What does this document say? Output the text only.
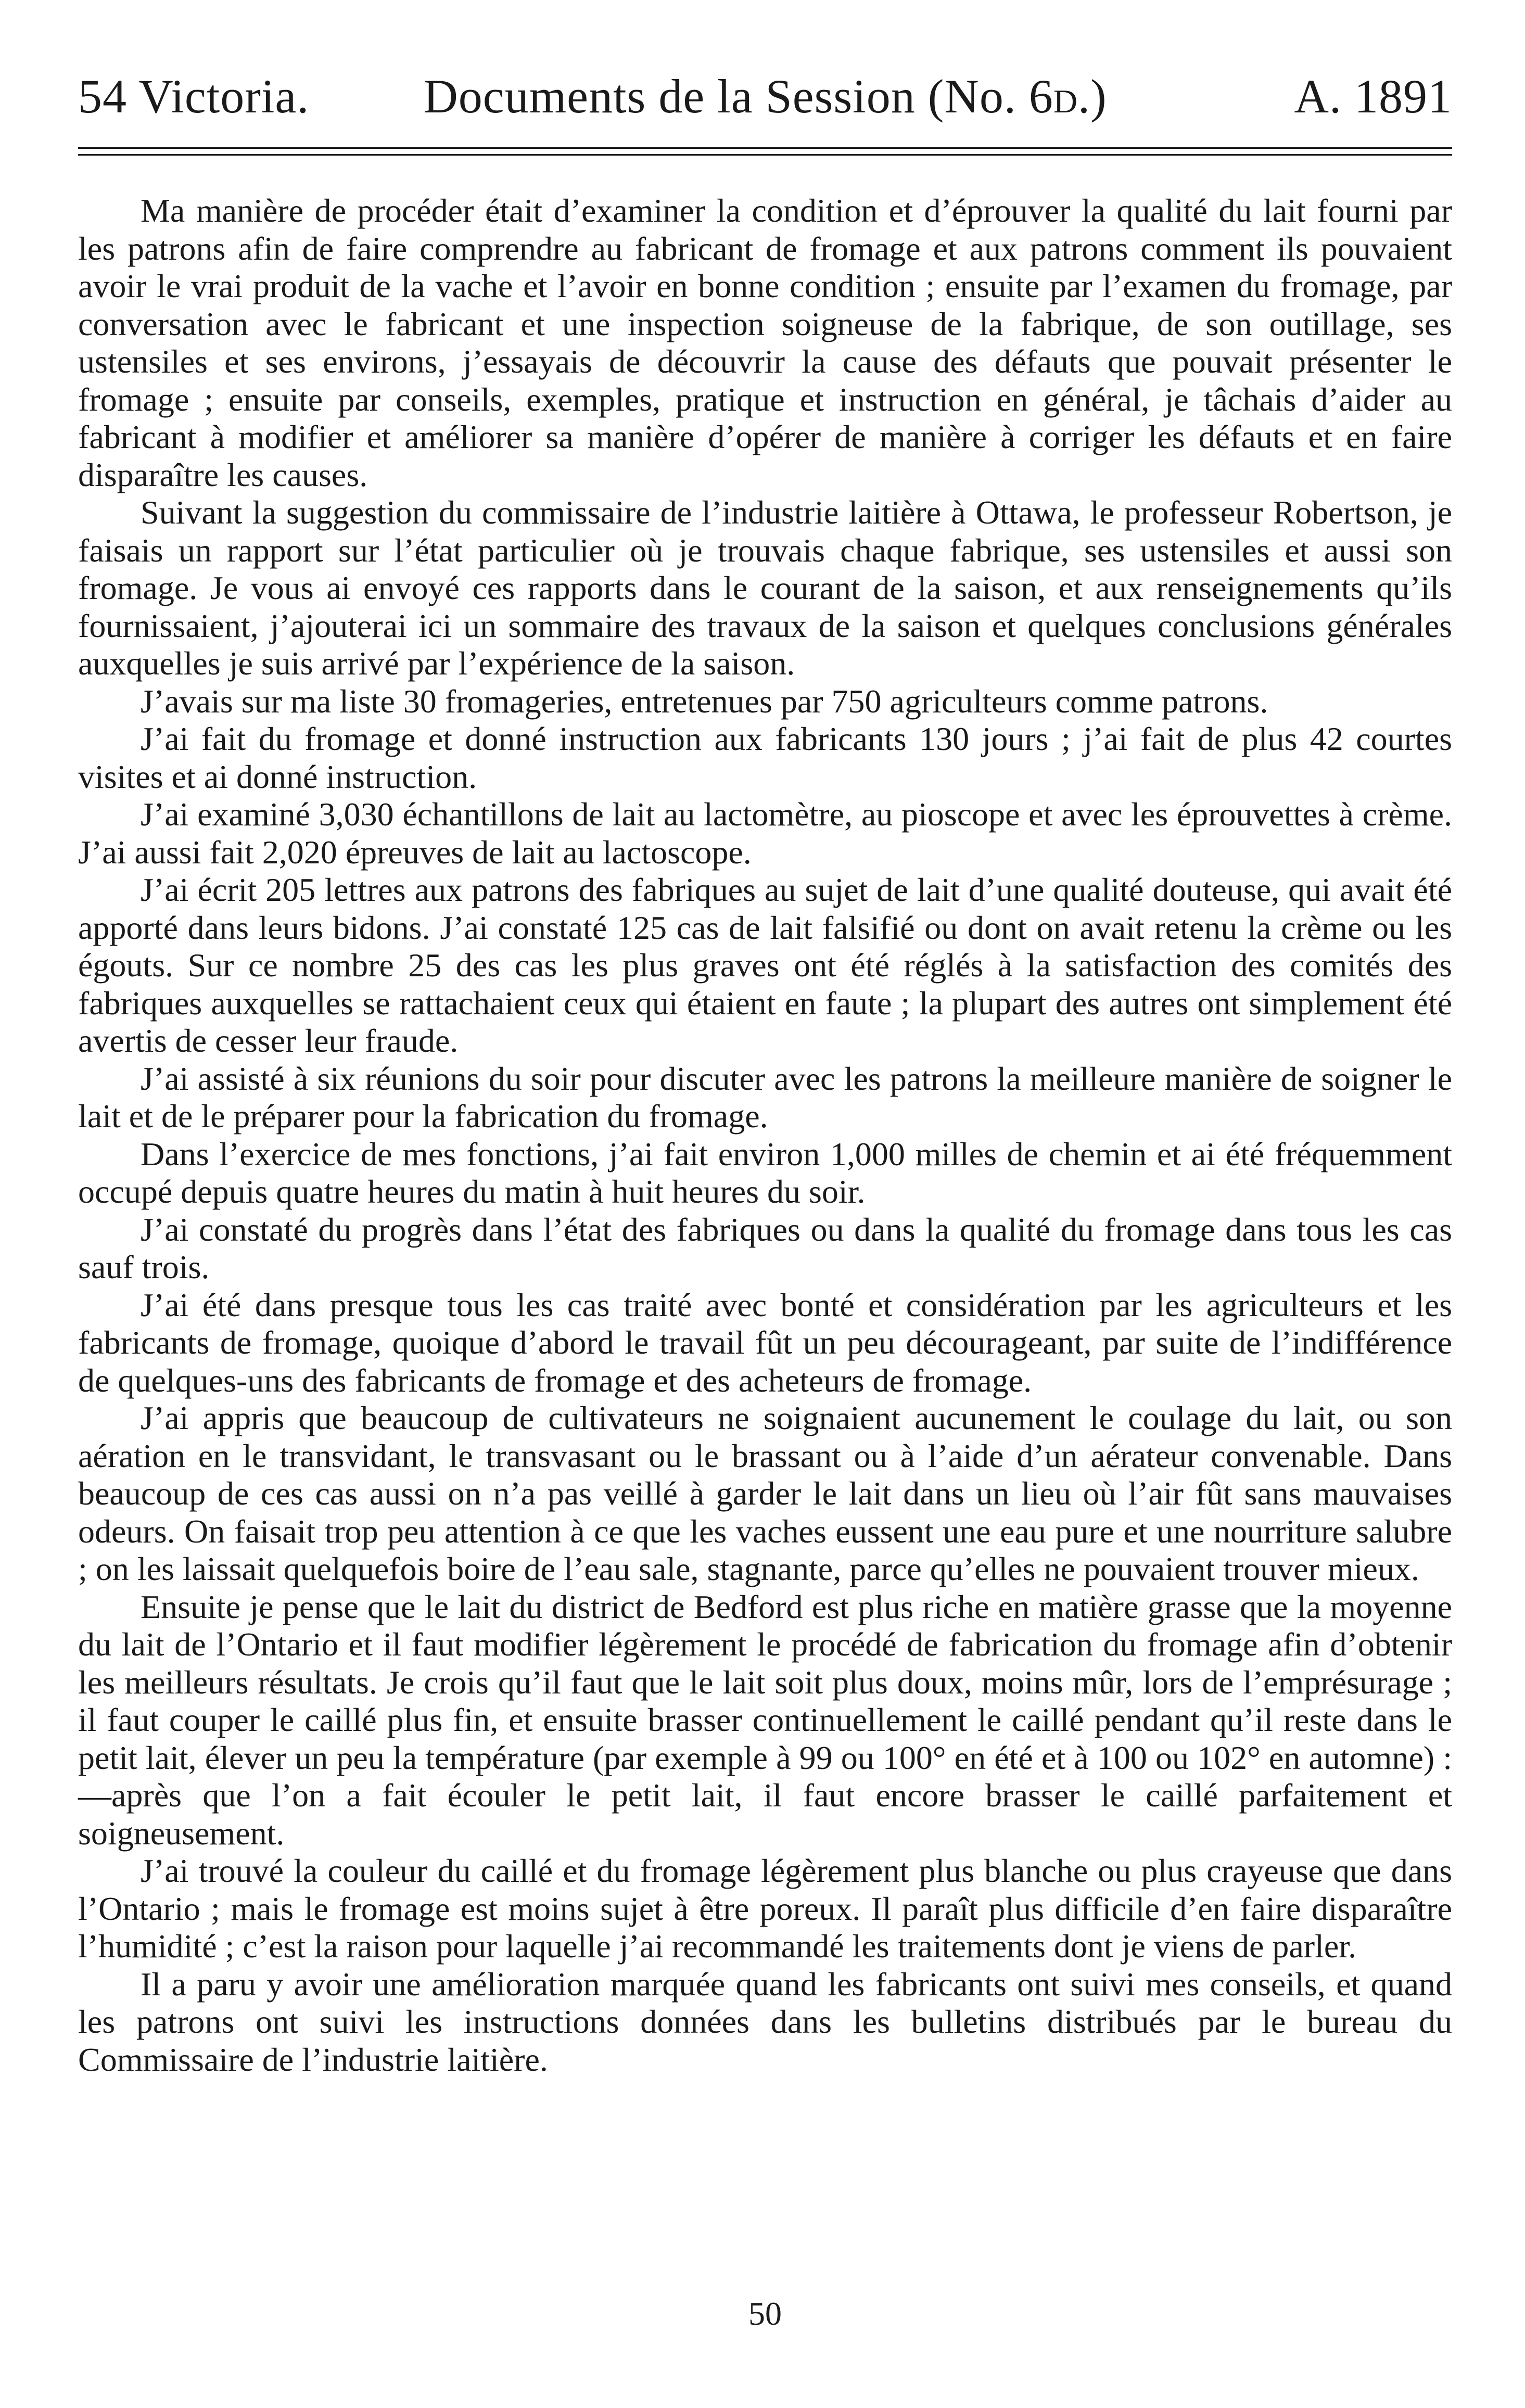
54 Victoria.	Documents de la Session (No. 6d.)	A. 1891

Ma manière de procéder était d’examiner la condition et d’éprouver la qualité du lait fourni par les patrons afin de faire comprendre au fabricant de fromage et aux patrons comment ils pouvaient avoir le vrai produit de la vache et l’avoir en bonne condition ; ensuite par l’examen du fromage, par conversation avec le fabricant et une inspection soigneuse de la fabrique, de son outillage, ses ustensiles et ses environs, j’essayais de découvrir la cause des défauts que pouvait présenter le fromage ; ensuite par conseils, exemples, pratique et instruction en général, je tâchais d’aider au fabricant à modifier et améliorer sa manière d’opérer de manière à corriger les défauts et en faire disparaître les causes.

Suivant la suggestion du commissaire de l’industrie laitière à Ottawa, le professeur Robertson, je faisais un rapport sur l’état particulier où je trouvais chaque fabrique, ses ustensiles et aussi son fromage. Je vous ai envoyé ces rapports dans le courant de la saison, et aux renseignements qu’ils fournissaient, j’ajouterai ici un sommaire des travaux de la saison et quelques conclusions générales auxquelles je suis arrivé par l’expérience de la saison.

J’avais sur ma liste 30 fromageries, entretenues par 750 agriculteurs comme patrons.

J’ai fait du fromage et donné instruction aux fabricants 130 jours ; j’ai fait de plus 42 courtes visites et ai donné instruction.

J’ai examiné 3,030 échantillons de lait au lactomètre, au pioscope et avec les éprouvettes à crème. J’ai aussi fait 2,020 épreuves de lait au lactoscope.

J’ai écrit 205 lettres aux patrons des fabriques au sujet de lait d’une qualité douteuse, qui avait été apporté dans leurs bidons. J’ai constaté 125 cas de lait falsifié ou dont on avait retenu la crème ou les égouts. Sur ce nombre 25 des cas les plus graves ont été réglés à la satisfaction des comités des fabriques auxquelles se rattachaient ceux qui étaient en faute ; la plupart des autres ont simplement été avertis de cesser leur fraude.

J’ai assisté à six réunions du soir pour discuter avec les patrons la meilleure manière de soigner le lait et de le préparer pour la fabrication du fromage.

Dans l’exercice de mes fonctions, j’ai fait environ 1,000 milles de chemin et ai été fréquemment occupé depuis quatre heures du matin à huit heures du soir.

J’ai constaté du progrès dans l’état des fabriques ou dans la qualité du fromage dans tous les cas sauf trois.

J’ai été dans presque tous les cas traité avec bonté et considération par les agriculteurs et les fabricants de fromage, quoique d’abord le travail fût un peu décourageant, par suite de l’indifférence de quelques-uns des fabricants de fromage et des acheteurs de fromage.

J’ai appris que beaucoup de cultivateurs ne soignaient aucunement le coulage du lait, ou son aération en le transvidant, le transvasant ou le brassant ou à l’aide d’un aérateur convenable. Dans beaucoup de ces cas aussi on n’a pas veillé à garder le lait dans un lieu où l’air fût sans mauvaises odeurs. On faisait trop peu attention à ce que les vaches eussent une eau pure et une nourriture salubre ; on les laissait quelquefois boire de l’eau sale, stagnante, parce qu’elles ne pouvaient trouver mieux.

Ensuite je pense que le lait du district de Bedford est plus riche en matière grasse que la moyenne du lait de l’Ontario et il faut modifier légèrement le procédé de fabrication du fromage afin d’obtenir les meilleurs résultats. Je crois qu’il faut que le lait soit plus doux, moins mûr, lors de l’emprésurage ; il faut couper le caillé plus fin, et ensuite brasser continuellement le caillé pendant qu’il reste dans le petit lait, élever un peu la température (par exemple à 99 ou 100° en été et à 100 ou 102° en automne) :—après que l’on a fait écouler le petit lait, il faut encore brasser le caillé parfaitement et soigneusement.

J’ai trouvé la couleur du caillé et du fromage légèrement plus blanche ou plus crayeuse que dans l’Ontario ; mais le fromage est moins sujet à être poreux. Il paraît plus difficile d’en faire disparaître l’humidité ; c’est la raison pour laquelle j’ai recommandé les traitements dont je viens de parler.

Il a paru y avoir une amélioration marquée quand les fabricants ont suivi mes conseils, et quand les patrons ont suivi les instructions données dans les bulletins distribués par le bureau du Commissaire de l’industrie laitière.

50
